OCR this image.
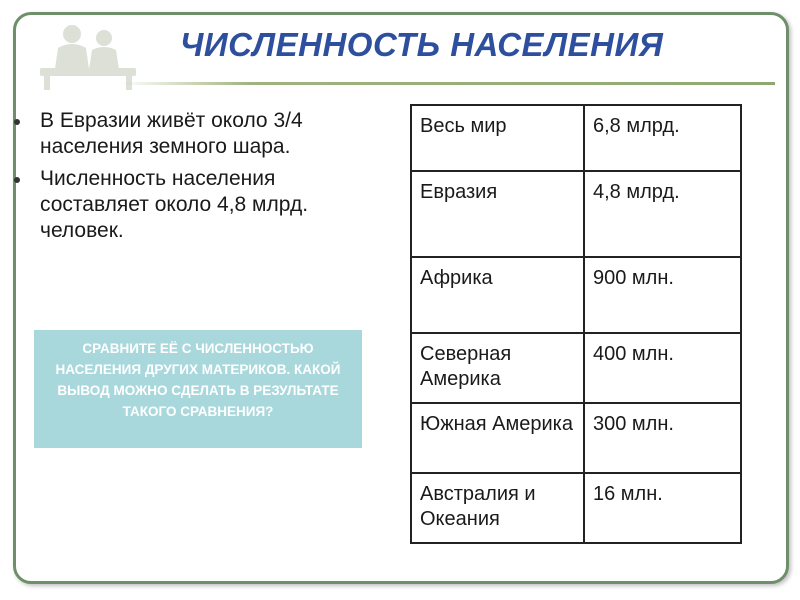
ЧИСЛЕННОСТЬ НАСЕЛЕНИЯ
В Евразии живёт около 3/4 населения земного шара.
Численность населения составляет около 4,8 млрд. человек.
СРАВНИТЕ ЕЁ С ЧИСЛЕННОСТЬЮ НАСЕЛЕНИЯ ДРУГИХ МАТЕРИКОВ. КАКОЙ ВЫВОД МОЖНО СДЕЛАТЬ В РЕЗУЛЬТАТЕ ТАКОГО СРАВНЕНИЯ?
Весь мир	6,8 млрд.
Евразия	4,8 млрд.
Африка	900 млн.
Северная Америка	400 млн.
Южная Америка	300 млн.
Австралия и Океания	16 млн.
